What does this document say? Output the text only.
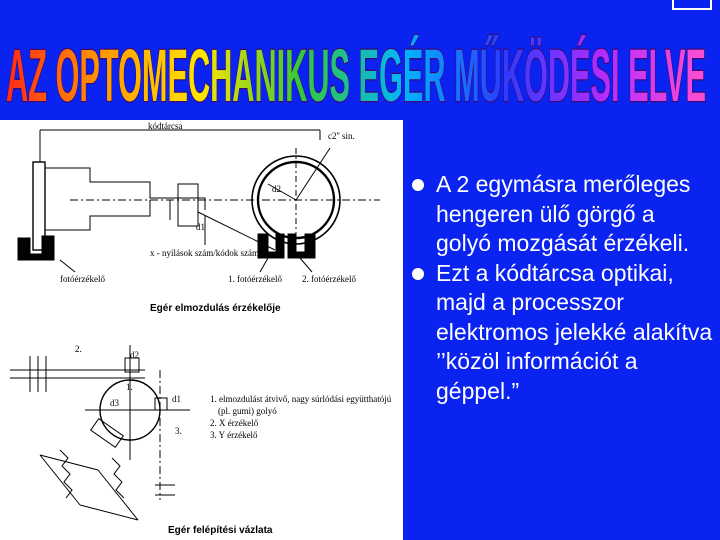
AZ OPTOMECHANIKUS EGÉR MŰKÖDÉSI ELVE
kódtárcsa
c2'' sin.
d2
d1
x - nyilások szám/kódok száma
fotóérzékelő	1. fotóérzékelő 2. fotóérzékelő
Egér elmozdulás érzékelője
2.
d2
1.
d3	d1
3.
1. elmozdulást átvivő, nagy súrlódási együtthatójú
(pl. gumi) golyó
2. X érzékelő
3. Y érzékelő
Egér felépítési vázlata
A 2 egymásra merőleges hengeren ülő görgő a golyó mozgását érzékeli.
Ezt a kódtárcsa optikai, majd a processzor elektromos jelekké alakítva ’’közöl információt a géppel.”
